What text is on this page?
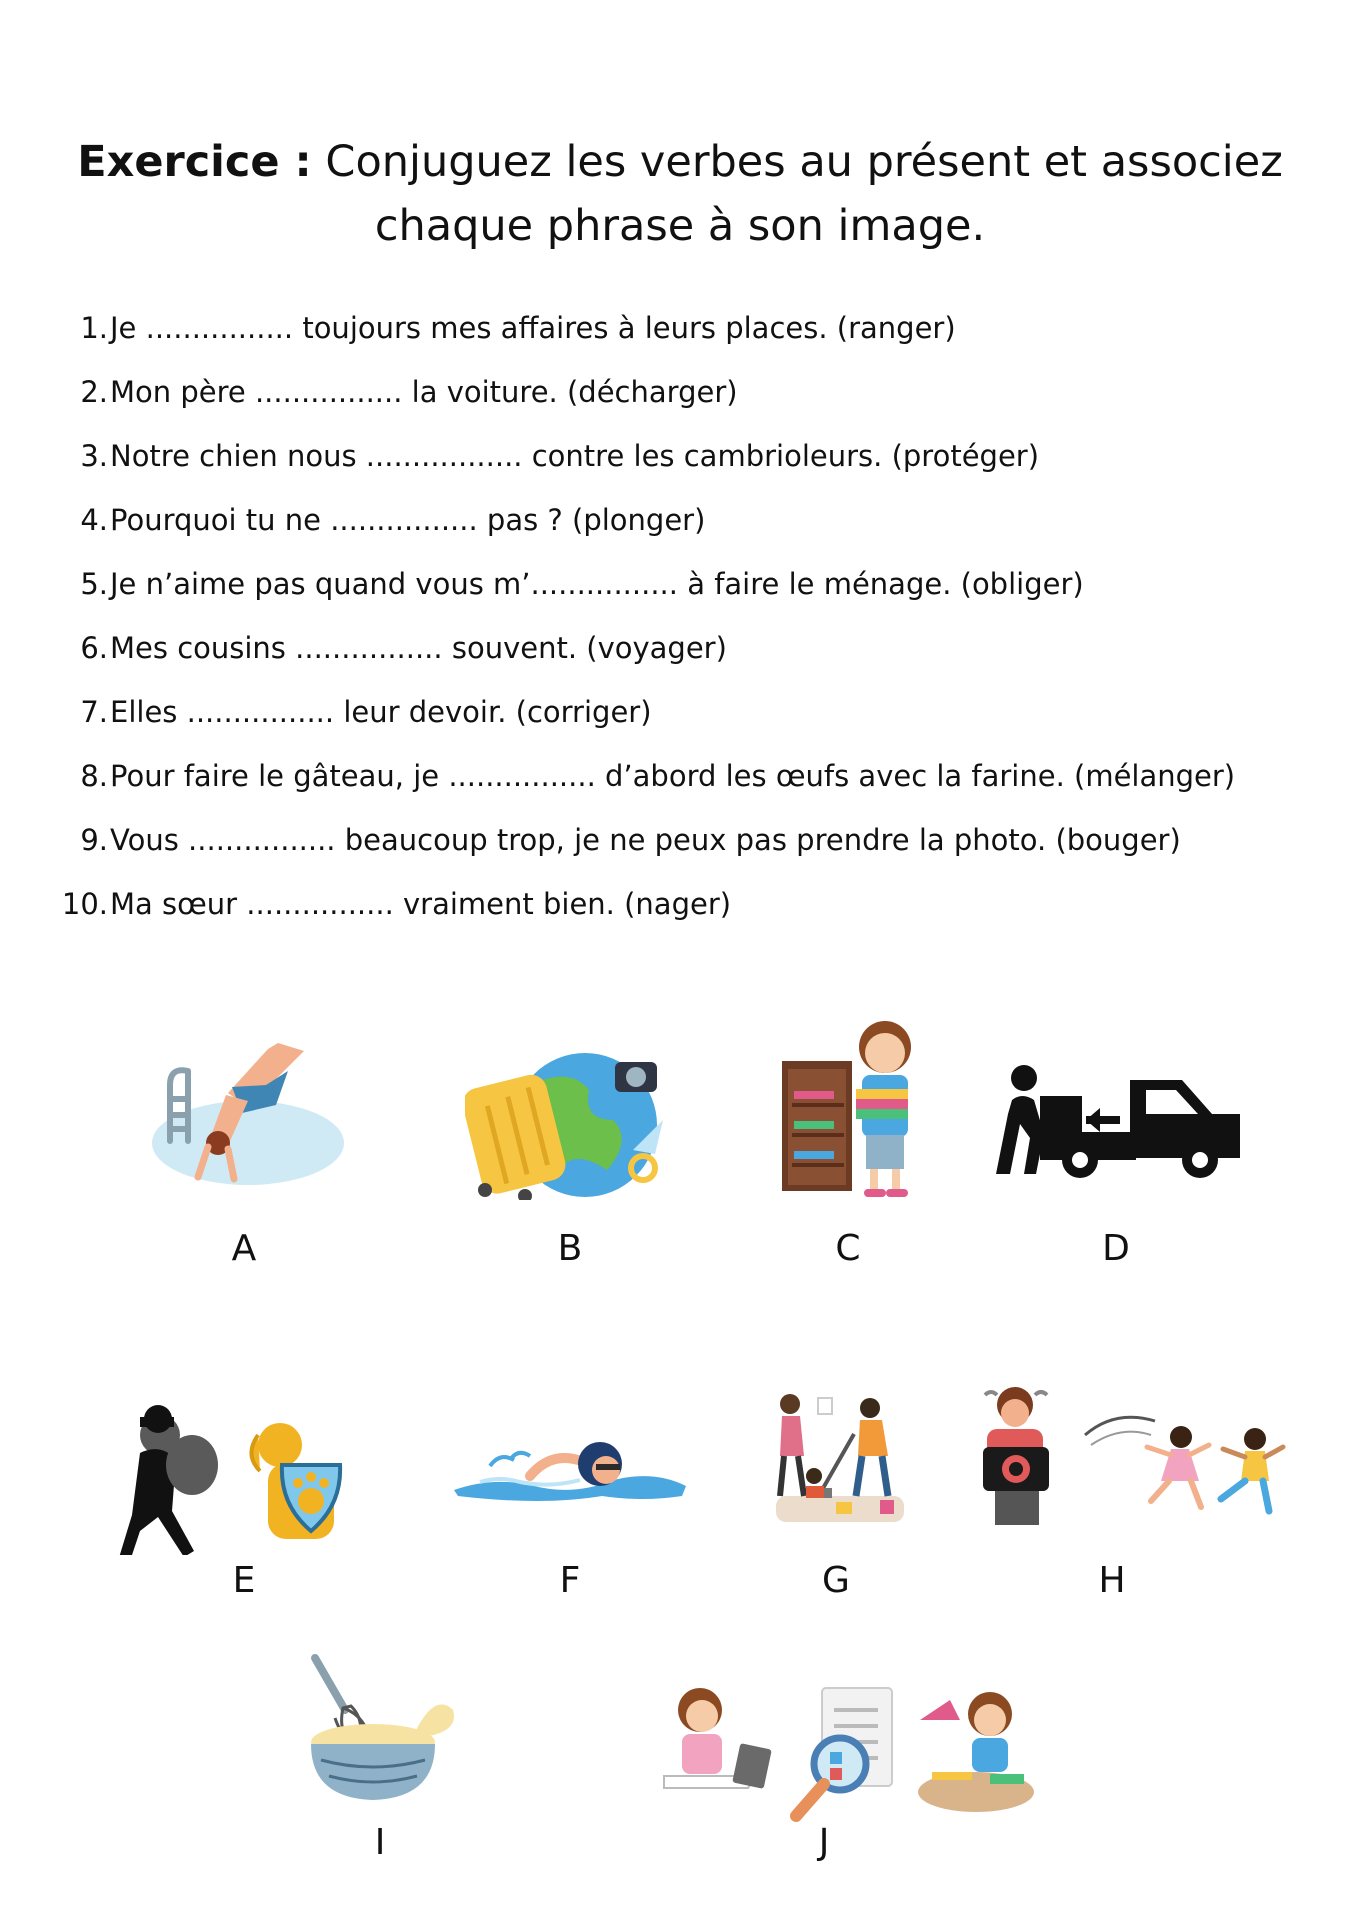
Exercice : Conjuguez les verbes au présent et associez
chaque phrase à son image.
1. Je ................ toujours mes affaires à leurs places. (ranger)
2. Mon père ................ la voiture. (décharger)
3. Notre chien nous ................. contre les cambrioleurs. (protéger)
4. Pourquoi tu ne ................ pas ? (plonger)
5. Je n’aime pas quand vous m’................ à faire le ménage. (obliger)
6. Mes cousins ................ souvent. (voyager)
7. Elles ................ leur devoir. (corriger)
8. Pour faire le gâteau, je ................ d’abord les œufs avec la farine. (mélanger)
9. Vous ................ beaucoup trop, je ne peux pas prendre la photo. (bouger)
10. Ma sœur ................ vraiment bien. (nager)
A	B	C	D
E	F	G	H
I	J
